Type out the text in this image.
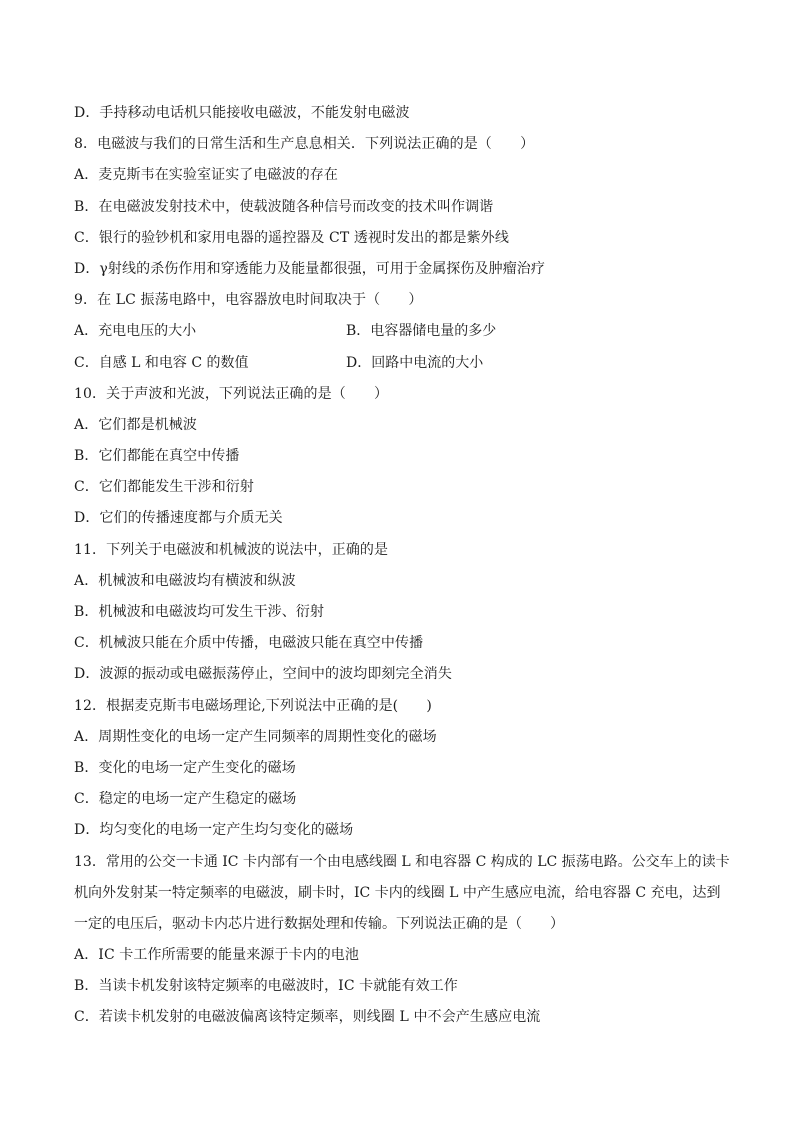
D．手持移动电话机只能接收电磁波，不能发射电磁波
8．电磁波与我们的日常生活和生产息息相关．下列说法正确的是（　　）
A．麦克斯韦在实验室证实了电磁波的存在
B．在电磁波发射技术中，使载波随各种信号而改变的技术叫作调谐
C．银行的验钞机和家用电器的遥控器及 CT 透视时发出的都是紫外线
D．γ射线的杀伤作用和穿透能力及能量都很强，可用于金属探伤及肿瘤治疗
9．在 LC 振荡电路中，电容器放电时间取决于（　　）
A．充电电压的大小	B．电容器储电量的多少
C．自感 L 和电容 C 的数值	D．回路中电流的大小
10．关于声波和光波，下列说法正确的是（　　）
A．它们都是机械波
B．它们都能在真空中传播
C．它们都能发生干涉和衍射
D．它们的传播速度都与介质无关
11．下列关于电磁波和机械波的说法中，正确的是
A．机械波和电磁波均有横波和纵波
B．机械波和电磁波均可发生干涉、衍射
C．机械波只能在介质中传播，电磁波只能在真空中传播
D．波源的振动或电磁振荡停止，空间中的波均即刻完全消失
12．根据麦克斯韦电磁场理论,下列说法中正确的是(　　)
A．周期性变化的电场一定产生同频率的周期性变化的磁场
B．变化的电场一定产生变化的磁场
C．稳定的电场一定产生稳定的磁场
D．均匀变化的电场一定产生均匀变化的磁场
13．常用的公交一卡通 IC 卡内部有一个由电感线圈 L 和电容器 C 构成的 LC 振荡电路。公交车上的读卡
机向外发射某一特定频率的电磁波，刷卡时，IC 卡内的线圈 L 中产生感应电流，给电容器 C 充电，达到
一定的电压后，驱动卡内芯片进行数据处理和传输。下列说法正确的是（　　）
A．IC 卡工作所需要的能量来源于卡内的电池
B．当读卡机发射该特定频率的电磁波时，IC 卡就能有效工作
C．若读卡机发射的电磁波偏离该特定频率，则线圈 L 中不会产生感应电流
